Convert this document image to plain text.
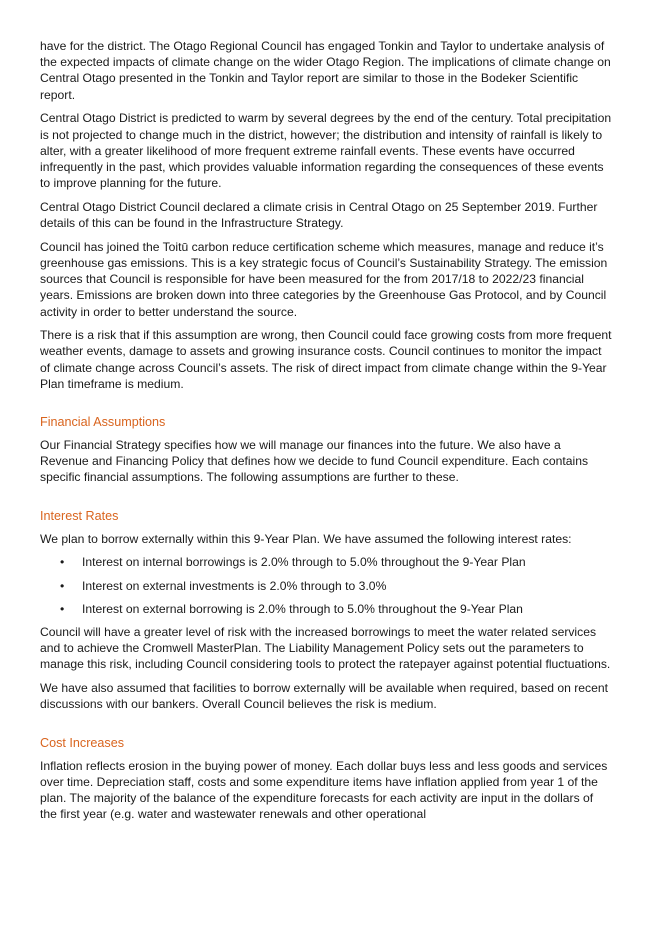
have for the district. The Otago Regional Council has engaged Tonkin and Taylor to undertake analysis of the expected impacts of climate change on the wider Otago Region. The implications of climate change on Central Otago presented in the Tonkin and Taylor report are similar to those in the Bodeker Scientific report.

Central Otago District is predicted to warm by several degrees by the end of the century. Total precipitation is not projected to change much in the district, however; the distribution and intensity of rainfall is likely to alter, with a greater likelihood of more frequent extreme rainfall events. These events have occurred infrequently in the past, which provides valuable information regarding the consequences of these events to improve planning for the future.

Central Otago District Council declared a climate crisis in Central Otago on 25 September 2019. Further details of this can be found in the Infrastructure Strategy.

Council has joined the Toitū carbon reduce certification scheme which measures, manage and reduce it’s greenhouse gas emissions. This is a key strategic focus of Council’s Sustainability Strategy. The emission sources that Council is responsible for have been measured for the from 2017/18 to 2022/23 financial years. Emissions are broken down into three categories by the Greenhouse Gas Protocol, and by Council activity in order to better understand the source.

There is a risk that if this assumption are wrong, then Council could face growing costs from more frequent weather events, damage to assets and growing insurance costs. Council continues to monitor the impact of climate change across Council’s assets. The risk of direct impact from climate change within the 9-Year Plan timeframe is medium.

Financial Assumptions

Our Financial Strategy specifies how we will manage our finances into the future. We also have a Revenue and Financing Policy that defines how we decide to fund Council expenditure. Each contains specific financial assumptions. The following assumptions are further to these.

Interest Rates

We plan to borrow externally within this 9-Year Plan. We have assumed the following interest rates:

• Interest on internal borrowings is 2.0% through to 5.0% throughout the 9-Year Plan
• Interest on external investments is 2.0% through to 3.0%
• Interest on external borrowing is 2.0% through to 5.0% throughout the 9-Year Plan

Council will have a greater level of risk with the increased borrowings to meet the water related services and to achieve the Cromwell MasterPlan. The Liability Management Policy sets out the parameters to manage this risk, including Council considering tools to protect the ratepayer against potential fluctuations.

We have also assumed that facilities to borrow externally will be available when required, based on recent discussions with our bankers. Overall Council believes the risk is medium.

Cost Increases

Inflation reflects erosion in the buying power of money. Each dollar buys less and less goods and services over time. Depreciation staff, costs and some expenditure items have inflation applied from year 1 of the plan. The majority of the balance of the expenditure forecasts for each activity are input in the dollars of the first year (e.g. water and wastewater renewals and other operational
